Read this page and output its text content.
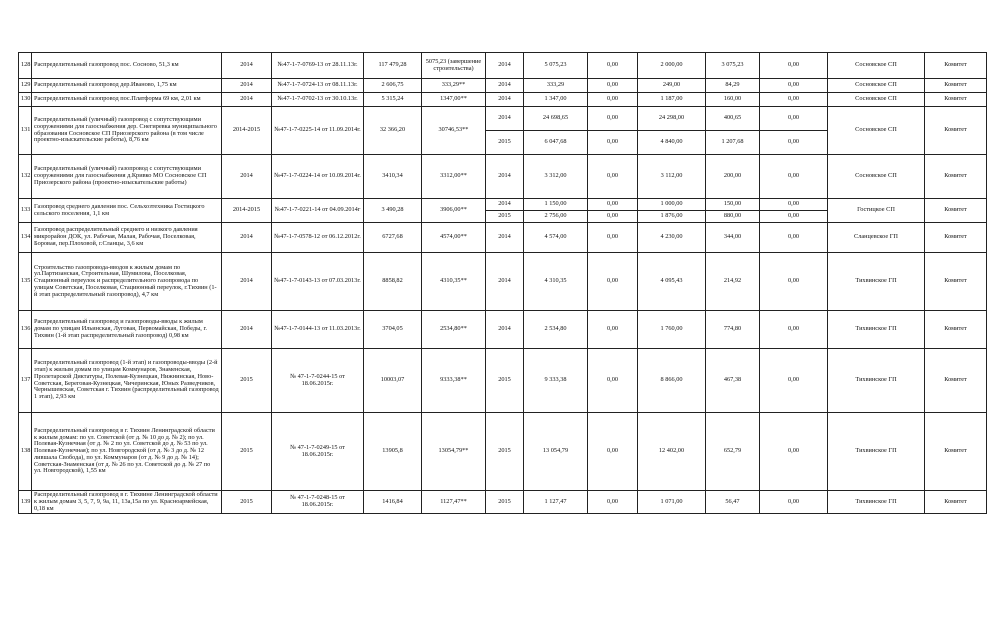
128	Распределительный газопровод пос. Сосново, 51,3 км	2014	№47-1-7-0769-13 от 28.11.13г.	117 479,28	5075,23 (завершение строительства)	2014	5 075,23	0,00	2 000,00	3 075,23	0,00	Сосновское СП	Комитет
129	Распределительный газопровод дер.Иваново, 1,75 км	2014	№47-1-7-0724-13 от 08.11.13г.	2 606,75	333,29**	2014	333,29	0,00	249,00	84,29	0,00	Сосновское СП	Комитет
130	Распределительный газопровод пос.Платформа 69 км, 2,01 км	2014	№47-1-7-0702-13 от 30.10.13г.	5 315,24	1347,00**	2014	1 347,00	0,00	1 187,00	160,00	0,00	Сосновское СП	Комитет
131	Распределительный (уличный) газопровод с сопутствующими сооружениями для газоснабжения дер. Снегиревка муниципального образования Сосновское СП Приозерского района (в том числе проектно-изыскательские работы), 8,76 км	2014-2015	№47-1-7-0225-14 от 11.09.2014г.	32 366,20	30746,53**	2014	24 698,65	0,00	24 298,00	400,65	0,00	Сосновское СП	Комитет
						2015	6 047,68	0,00	4 840,00	1 207,68	0,00		
132	Распределительный (уличный) газопровод с сопутствующими сооружениями для газоснабжения д.Кривко МО Сосновское СП Приозерского района (проектно-изыскательские работы)	2014	№47-1-7-0224-14 от 10.09.2014г.	3410,34	3312,00**	2014	3 312,00	0,00	3 112,00	200,00	0,00	Сосновское СП	Комитет
133	Газопровод среднего давления пос. Сельхозтехника Гостицкого сельского поселения, 1,1 км	2014-2015	№47-1-7-0221-14 от 04.09.2014г	3 490,28	3906,00**	2014	1 150,00	0,00	1 000,00	150,00	0,00	Гостицкое СП	Комитет
						2015	2 756,00	0,00	1 876,00	880,00	0,00		
134	Газопровод распределительный среднего и низкого давления микрорайон ДОК, ул. Рабочая, Малая, Рабочая, Поселковая, Боровая, пер.Плоховой, г.Сланцы, 3,6 км	2014	№47-1-7-0578-12 от 06.12.2012г.	6727,68	4574,00**	2014	4 574,00	0,00	4 230,00	344,00	0,00	Сланцевское ГП	Комитет
135	Строительство газопровода-вводов к жилым домам по ул.Партизанская, Строительная, Шумилова, Поселковая, Стациюнный переулок и распределительного газопровода по улицам Советская, Поселковая, Стациюнный переулок, г.Тихвин (1-й этап распределительный газопровод), 4,7 км	2014	№47-1-7-0143-13 от 07.03.2013г.	8858,82	4310,35**	2014	4 310,35	0,00	4 095,43	214,92	0,00	Тихвинское ГП	Комитет
136	Распределительный газопровод и газопроводы-вводы к жилым домам по улицам Ильинская, Луговая, Первомайская, Победы, г. Тихвин (1-й этап распределительный газопровод) 0,98 км	2014	№47-1-7-0144-13 от 11.03.2013г.	3704,05	2534,80**	2014	2 534,80	0,00	1 760,00	774,80	0,00	Тихвинское ГП	Комитет
137	Распределительный газопровод (1-й этап) и газопроводы-вводы (2-й этап) к жилым домам по улицам Коммунаров, Знаменская, Пролетарской Диктатуры, Полевая-Кузнецкая, Нижнинская, Ново-Советская, Береговая-Кузнецкая, Чичеринская, Юных Разведчиков, Чернышевская, Советская г. Тихвин (распределительный газопровод 1 этап), 2,93 км	2015	№ 47-1-7-0244-15 от 18.06.2015г.	10003,07	9333,38**	2015	9 333,38	0,00	8 866,00	467,38	0,00	Тихвинское ГП	Комитет
138	Распределительный газопровод в г. Тихвин Ленинградской области к жилым домам: по ул. Советской (от д. № 10 до д. № 2); по ул. Полевая-Кузнечная (от д. № 2 по ул. Советской до д. № 53 по ул. Полевая-Кузнечная); по ул. Новгородской (от д. № 3 до д. № 12 лившала Свобода), по ул. Коммунаров (от д. № 9 до д. № 14); Советская-Знаменская (от д. № 26 по ул. Советской до д. № 27 по ул. Новгородской), 1,55 км	2015	№ 47-1-7-0249-15 от 18.06.2015г.	13905,8	13054,79**	2015	13 054,79	0,00	12 402,00	652,79	0,00	Тихвинское ГП	Комитет
139	Распределительный газопровод в г. Тихвине Ленинградской области к жилым домам 3, 5, 7, 9, 9а, 11, 13а,15а по ул. Красноармейская, 0,18 км	2015	№ 47-1-7-0248-15 от 18.06.2015г.	1416,84	1127,47**	2015	1 127,47	0,00	1 071,00	56,47	0,00	Тихвинское ГП	Комитет
